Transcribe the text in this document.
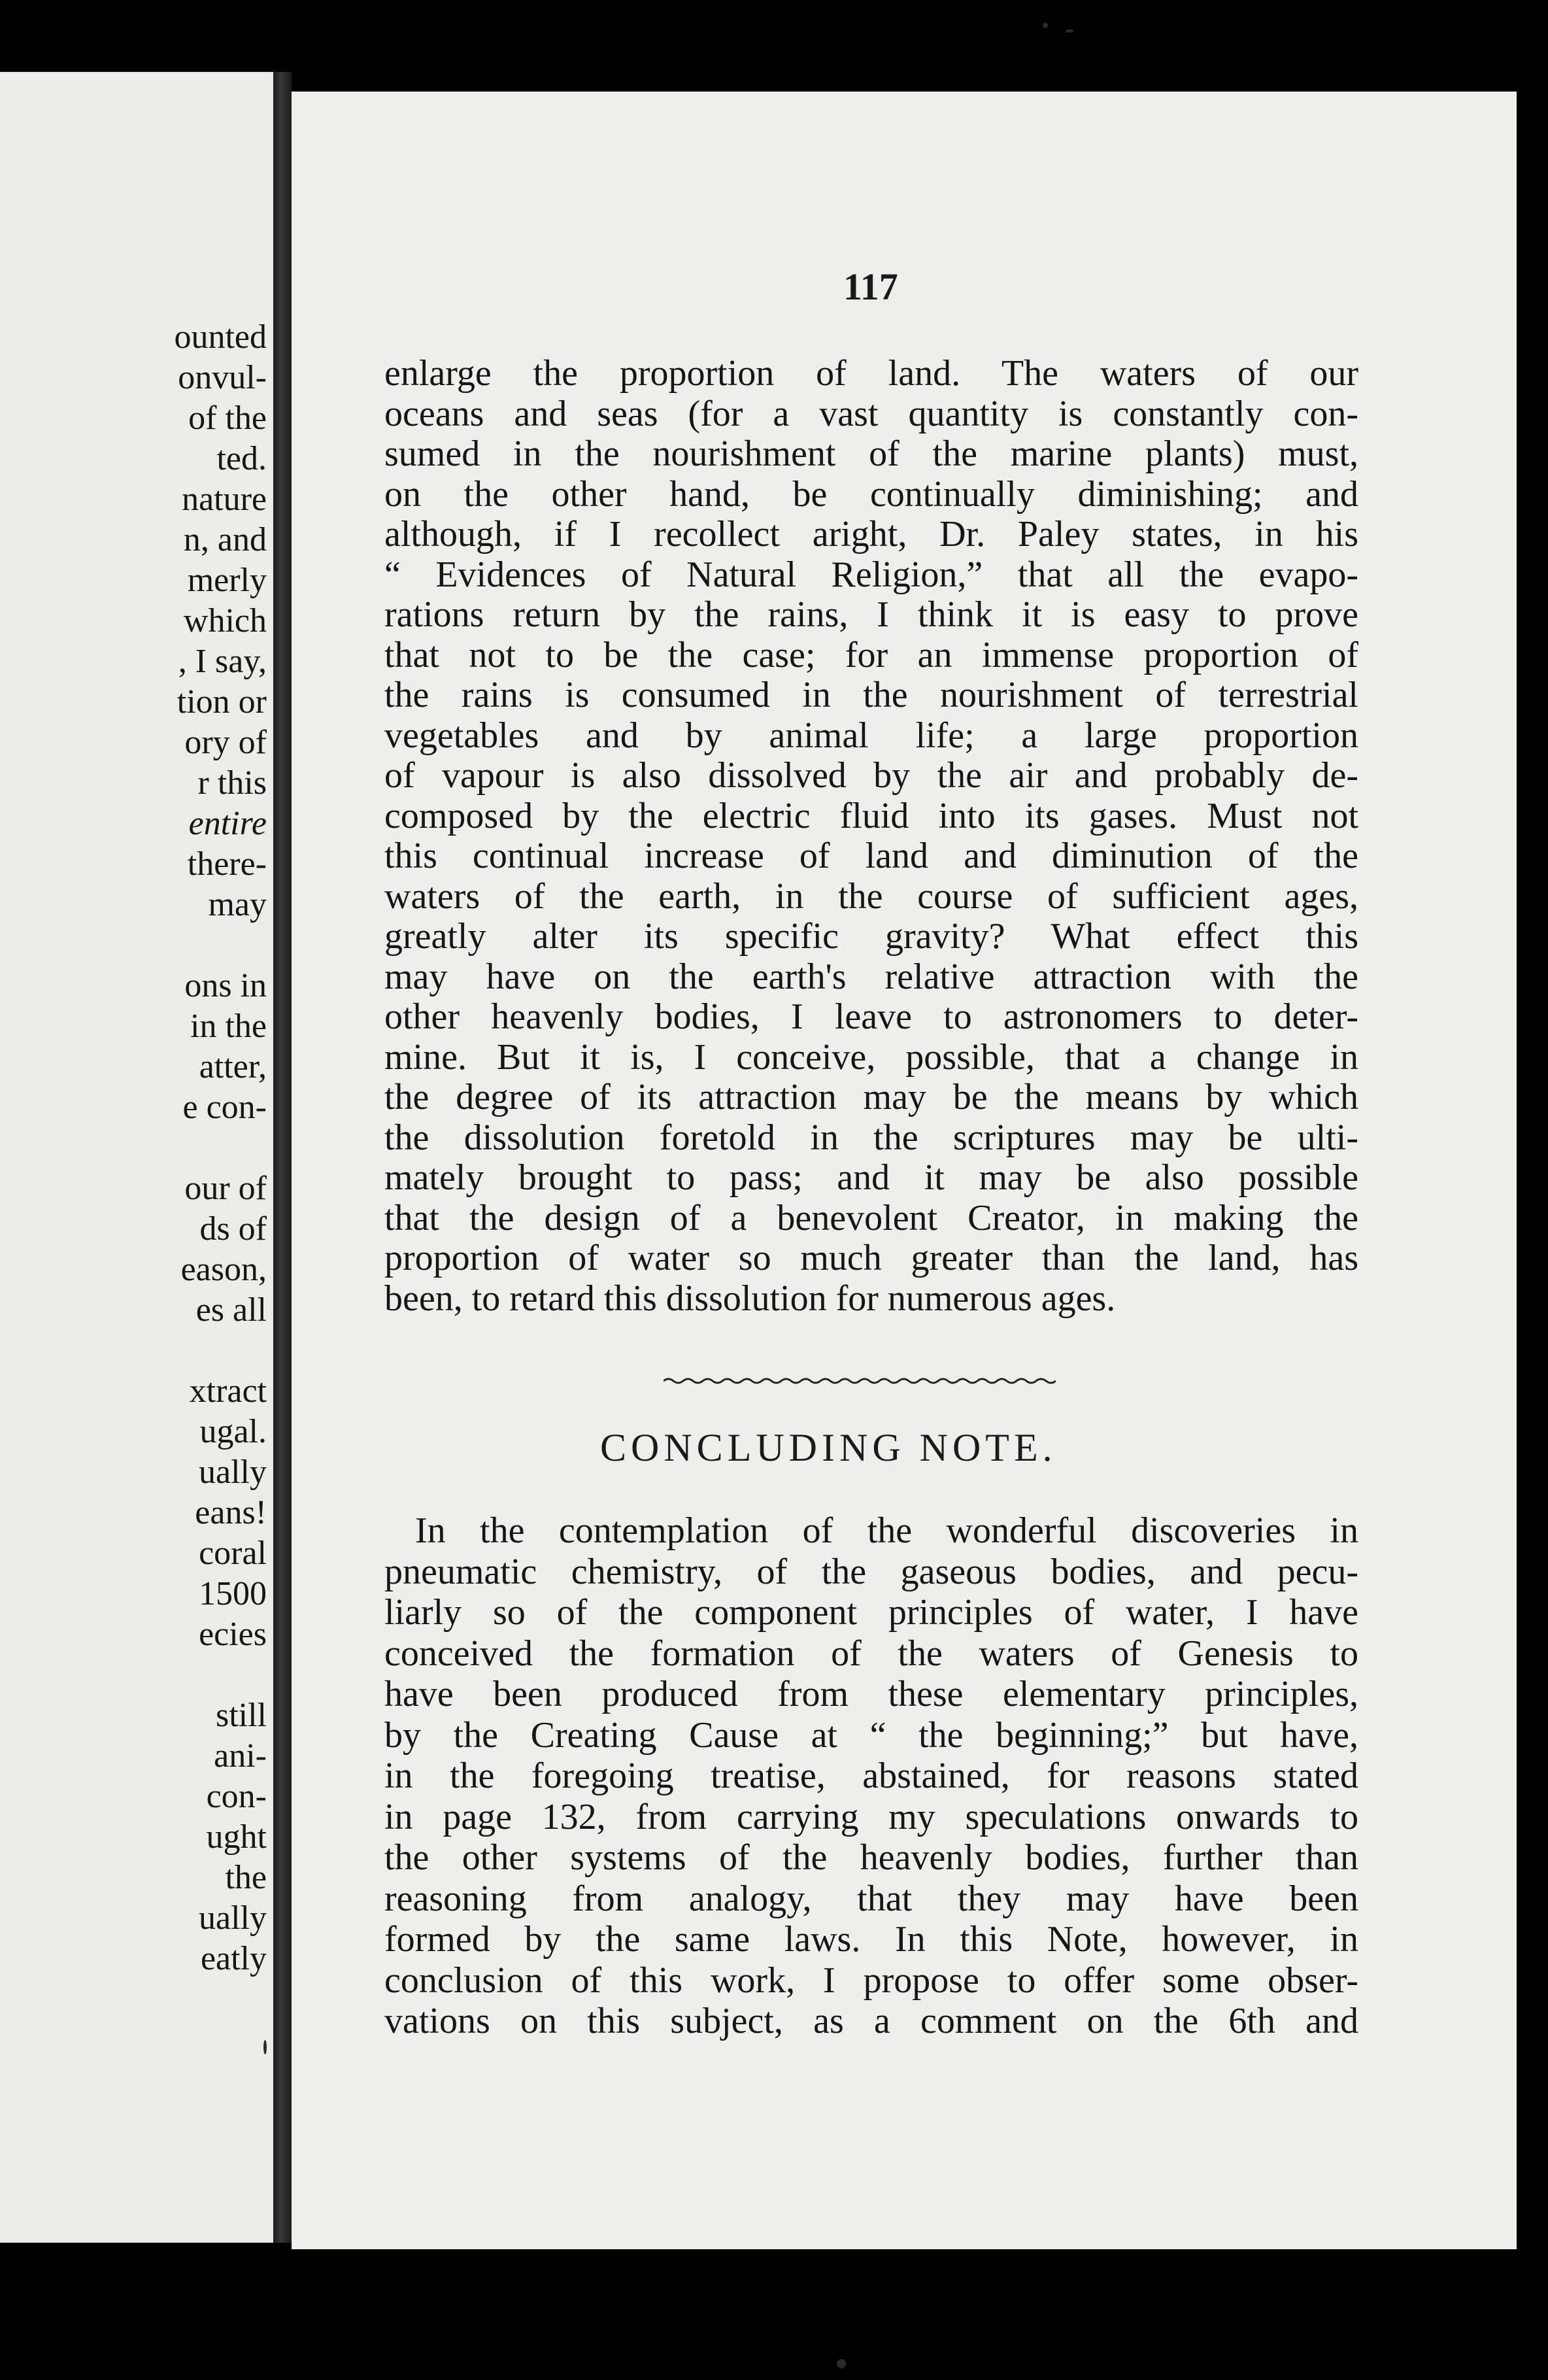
ounted
onvul-
of the
ted.
nature
n, and
merly
which
, I say,
tion or
ory of
r this
entire
there-
may
ons in
in the
atter,
e con-
our of
ds of
eason,
es all
xtract
ugal.
ually
eans!
coral
1500
ecies
still
ani-
con-
ught
the
ually
eatly
117
enlarge the proportion of land. The waters of our
oceans and seas (for a vast quantity is constantly con-
sumed in the nourishment of the marine plants) must,
on the other hand, be continually diminishing; and
although, if I recollect aright, Dr. Paley states, in his
“ Evidences of Natural Religion,” that all the evapo-
rations return by the rains, I think it is easy to prove
that not to be the case; for an immense proportion of
the rains is consumed in the nourishment of terrestrial
vegetables and by animal life; a large proportion
of vapour is also dissolved by the air and probably de-
composed by the electric fluid into its gases. Must not
this continual increase of land and diminution of the
waters of the earth, in the course of sufficient ages,
greatly alter its specific gravity? What effect this
may have on the earth's relative attraction with the
other heavenly bodies, I leave to astronomers to deter-
mine. But it is, I conceive, possible, that a change in
the degree of its attraction may be the means by which
the dissolution foretold in the scriptures may be ulti-
mately brought to pass; and it may be also possible
that the design of a benevolent Creator, in making the
proportion of water so much greater than the land, has
been, to retard this dissolution for numerous ages.
CONCLUDING NOTE.
In the contemplation of the wonderful discoveries in
pneumatic chemistry, of the gaseous bodies, and pecu-
liarly so of the component principles of water, I have
conceived the formation of the waters of Genesis to
have been produced from these elementary principles,
by the Creating Cause at “ the beginning;” but have,
in the foregoing treatise, abstained, for reasons stated
in page 132, from carrying my speculations onwards to
the other systems of the heavenly bodies, further than
reasoning from analogy, that they may have been
formed by the same laws. In this Note, however, in
conclusion of this work, I propose to offer some obser-
vations on this subject, as a comment on the 6th and
